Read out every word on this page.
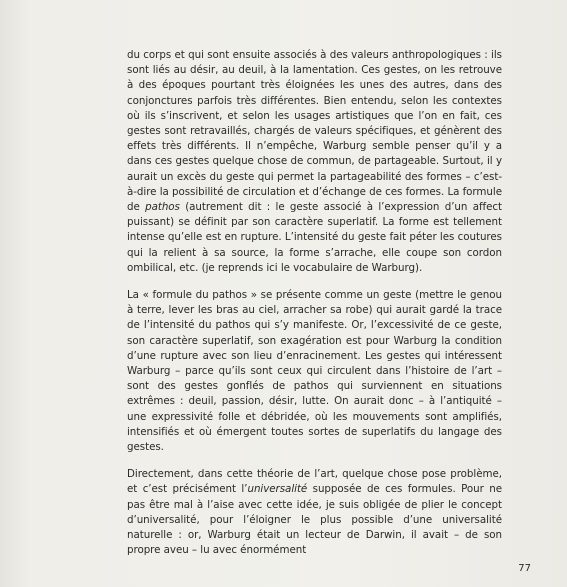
du corps et qui sont ensuite associés à des valeurs anthropologiques : ils sont liés au désir, au deuil, à la lamentation. Ces gestes, on les retrouve à des époques pourtant très éloignées les unes des autres, dans des conjonctures parfois très différentes. Bien entendu, selon les contextes où ils s’inscrivent, et selon les usages artistiques que l’on en fait, ces gestes sont retravaillés, chargés de valeurs spécifiques, et génèrent des effets très différents. Il n’empêche, Warburg semble penser qu’il y a dans ces gestes quelque chose de commun, de partageable. Surtout, il y aurait un excès du geste qui permet la partageabilité des formes – c’est-à-dire la possibilité de circulation et d’échange de ces formes. La formule de pathos (autrement dit : le geste associé à l’expression d’un affect puissant) se définit par son caractère superlatif. La forme est tellement intense qu’elle est en rupture. L’intensité du geste fait péter les coutures qui la relient à sa source, la forme s’arrache, elle coupe son cordon ombilical, etc. (je reprends ici le vocabulaire de Warburg).

La « formule du pathos » se présente comme un geste (mettre le genou à terre, lever les bras au ciel, arracher sa robe) qui aurait gardé la trace de l’intensité du pathos qui s’y manifeste. Or, l’excessivité de ce geste, son caractère superlatif, son exagération est pour Warburg la condition d’une rupture avec son lieu d’enracinement. Les gestes qui intéressent Warburg – parce qu’ils sont ceux qui circulent dans l’histoire de l’art – sont des gestes gonflés de pathos qui surviennent en situations extrêmes : deuil, passion, désir, lutte. On aurait donc – à l’antiquité – une expressivité folle et débridée, où les mouvements sont amplifiés, intensifiés et où émergent toutes sortes de superlatifs du langage des gestes.

Directement, dans cette théorie de l’art, quelque chose pose problème, et c’est précisément l’universalité supposée de ces formules. Pour ne pas être mal à l’aise avec cette idée, je suis obligée de plier le concept d’universalité, pour l’éloigner le plus possible d’une universalité naturelle : or, Warburg était un lecteur de Darwin, il avait – de son propre aveu – lu avec énormément

77
